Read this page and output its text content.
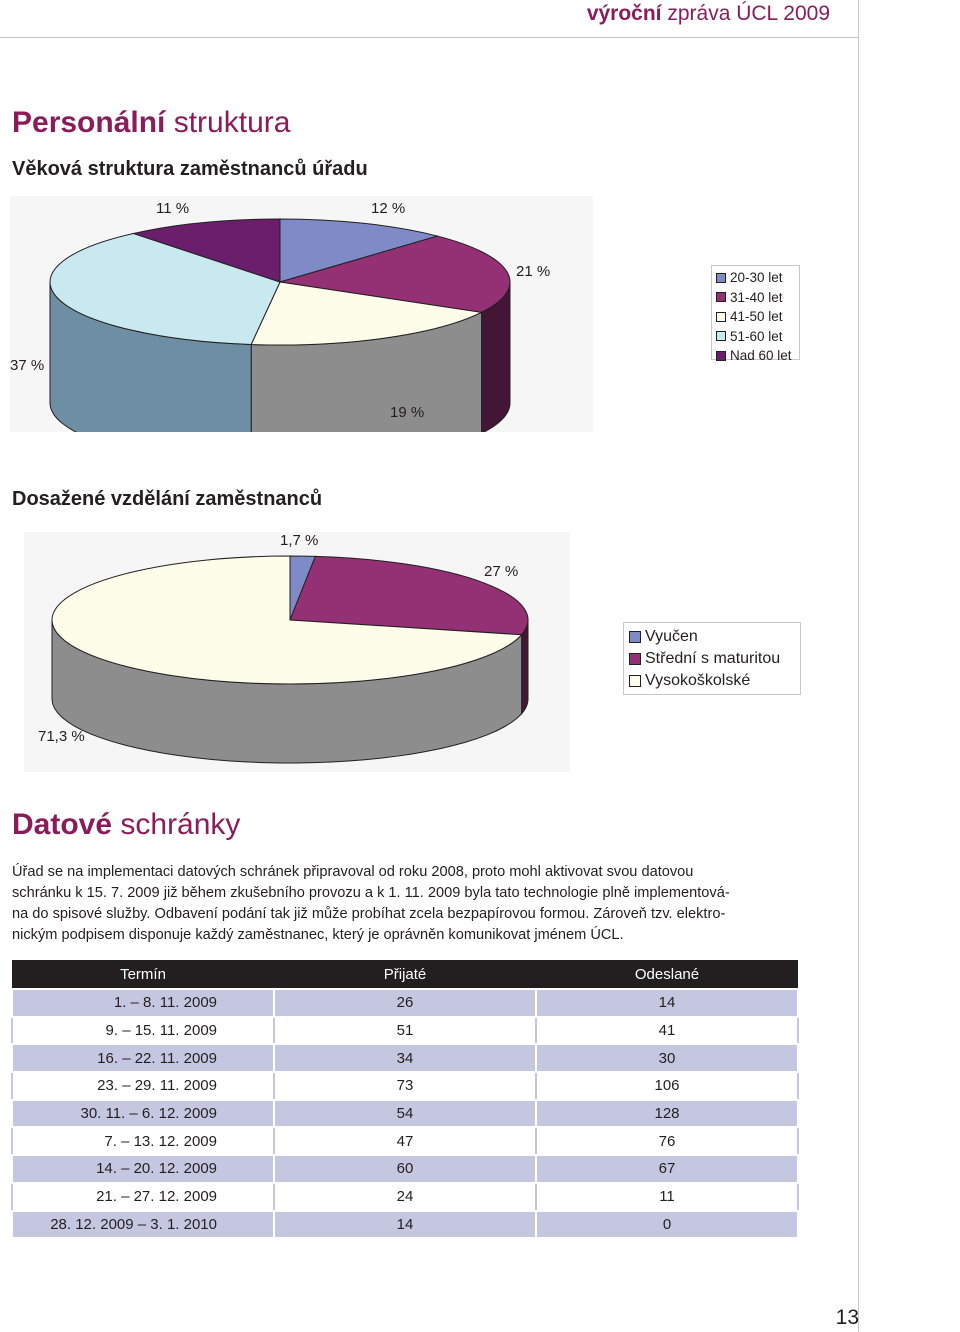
výroční zpráva ÚCL 2009
Personální struktura
Věková struktura zaměstnanců úřadu
11 %	12 %
21 %
37 %
19 %
20-30 let
31-40 let
41-50 let
51-60 let
Nad 60 let
Dosažené vzdělání zaměstnanců
1,7 %
27 %
71,3 %
Vyučen
Střední s maturitou
Vysokoškolské
Datové schránky
Úřad se na implementaci datových schránek připravoval od roku 2008, proto mohl aktivovat svou datovou
schránku k 15. 7. 2009 již během zkušebního provozu a k 1. 11. 2009 byla tato technologie plně implementová-
na do spisové služby. Odbavení podání tak již může probíhat zcela bezpapírovou formou. Zároveň tzv. elektro-
nickým podpisem disponuje každý zaměstnanec, který je oprávněn komunikovat jménem ÚCL.
Termín	Přijaté	Odeslané
1. – 8. 11. 2009	26	14
9. – 15. 11. 2009	51	41
16. – 22. 11. 2009	34	30
23. – 29. 11. 2009	73	106
30. 11. – 6. 12. 2009	54	128
7. – 13. 12. 2009	47	76
14. – 20. 12. 2009	60	67
21. – 27. 12. 2009	24	11
28. 12. 2009 – 3. 1. 2010	14	0
13
